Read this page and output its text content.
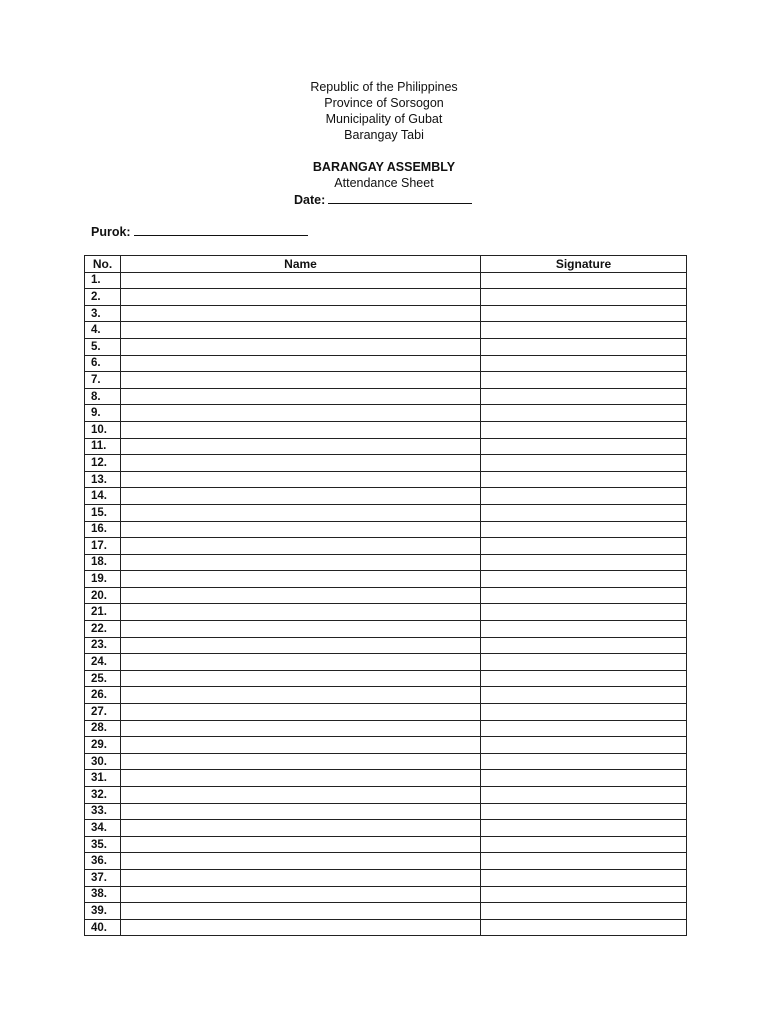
Republic of the Philippines
Province of Sorsogon
Municipality of Gubat
Barangay Tabi
BARANGAY ASSEMBLY
Attendance Sheet
Date:
Purok:
No.	Name	Signature
1.		
2.		
3.		
4.		
5.		
6.		
7.		
8.		
9.		
10.		
11.		
12.		
13.		
14.		
15.		
16.		
17.		
18.		
19.		
20.		
21.		
22.		
23.		
24.		
25.		
26.		
27.		
28.		
29.		
30.		
31.		
32.		
33.		
34.		
35.		
36.		
37.		
38.		
39.		
40.		
